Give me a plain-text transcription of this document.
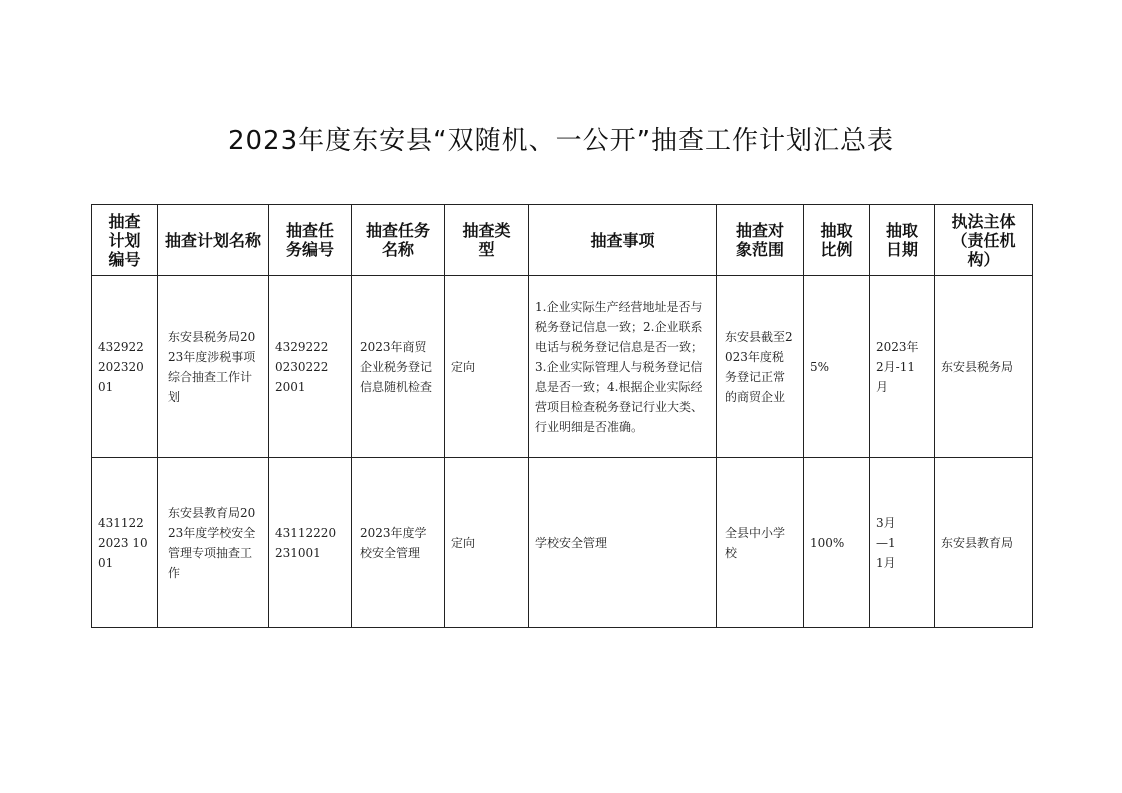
2023年度东安县“双随机、一公开”抽查工作计划汇总表
抽查计划编号	抽查计划名称	抽查任务编号	抽查任务名称	抽查类型	抽查事项	抽查对象范围	抽取比例	抽取日期	执法主体（责任机构）

43292220232001	东安县税务局2023年度涉税事项综合抽查工作计划	432922202302222001	2023年商贸企业税务登记信息随机检查	定向	1.企业实际生产经营地址是否与税务登记信息一致；2.企业联系电话与税务登记信息是否一致；3.企业实际管理人与税务登记信息是否一致；4.根据企业实际经营项目检查税务登记行业大类、行业明细是否准确。	东安县截至2023年度税务登记正常的商贸企业	5%	2023年2月-11月	东安县税务局

4311222023 1001	东安县教育局2023年度学校安全管理专项抽查工作	43112220231001	2023年度学校安全管理	定向	学校安全管理	全县中小学校	100%	3月—11月	东安县教育局
